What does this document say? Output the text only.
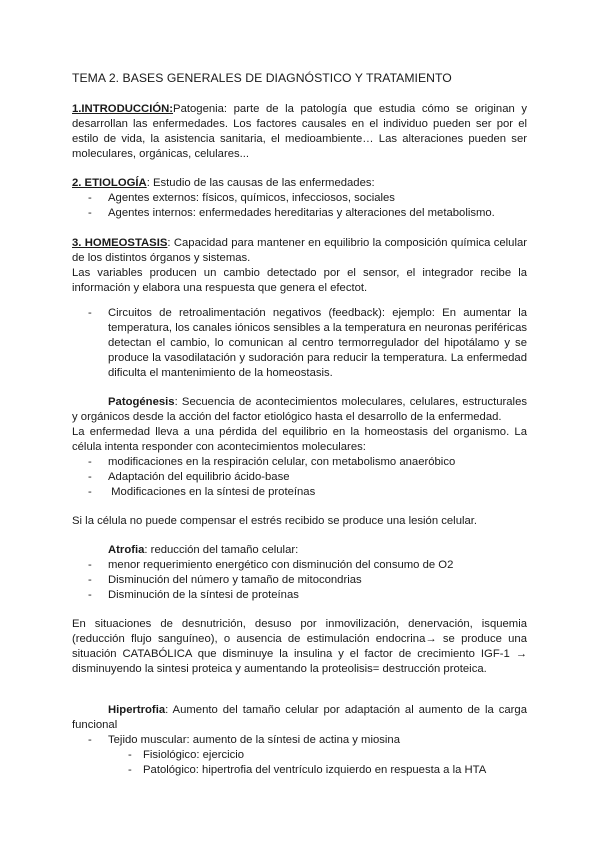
TEMA 2. BASES GENERALES DE DIAGNÓSTICO Y TRATAMIENTO

1.INTRODUCCIÓN:Patogenia: parte de la patología que estudia cómo se originan y desarrollan las enfermedades. Los factores causales en el individuo pueden ser por el estilo de vida, la asistencia sanitaria, el medioambiente… Las alteraciones pueden ser moleculares, orgánicas, celulares...

2. ETIOLOGÍA: Estudio de las causas de las enfermedades:

- Agentes externos: físicos, químicos, infecciosos, sociales
- Agentes internos: enfermedades hereditarias y alteraciones del metabolismo.

3. HOMEOSTASIS: Capacidad para mantener en equilibrio la composición química celular de los distintos órganos y sistemas.

Las variables producen un cambio detectado por el sensor, el integrador recibe la información y elabora una respuesta que genera el efectot.

- Circuitos de retroalimentación negativos (feedback): ejemplo: En aumentar la temperatura, los canales iónicos sensibles a la temperatura en neuronas periféricas detectan el cambio, lo comunican al centro termorregulador del hipotálamo y se produce la vasodilatación y sudoración para reducir la temperatura. La enfermedad dificulta el mantenimiento de la homeostasis.

Patogénesis: Secuencia de acontecimientos moleculares, celulares, estructurales y orgánicos desde la acción del factor etiológico hasta el desarrollo de la enfermedad.

La enfermedad lleva a una pérdida del equilibrio en la homeostasis del organismo. La célula intenta responder con acontecimientos moleculares:
- modificaciones en la respiración celular, con metabolismo anaeróbico
- Adaptación del equilibrio ácido-base
- Modificaciones en la síntesi de proteínas
Si la célula no puede compensar el estrés recibido se produce una lesión celular.

Atrofia: reducción del tamaño celular:

- menor requerimiento energético con disminución del consumo de O2
- Disminución del número y tamaño de mitocondrias
- Disminución de la síntesi de proteínas
En situaciones de desnutrición, desuso por inmovilización, denervación, isquemia (reducción flujo sanguíneo), o ausencia de estimulación endocrina→ se produce una situación CATABÓLICA que disminuye la insulina y el factor de crecimiento IGF-1 → disminuyendo la sintesi proteica y aumentando la proteolisis= destrucción proteica.

Hipertrofia: Aumento del tamaño celular por adaptación al aumento de la carga funcional

- Tejido muscular: aumento de la síntesi de actina y miosina
- Fisiológico: ejercicio
- Patológico: hipertrofia del ventrículo izquierdo en respuesta a la HTA
